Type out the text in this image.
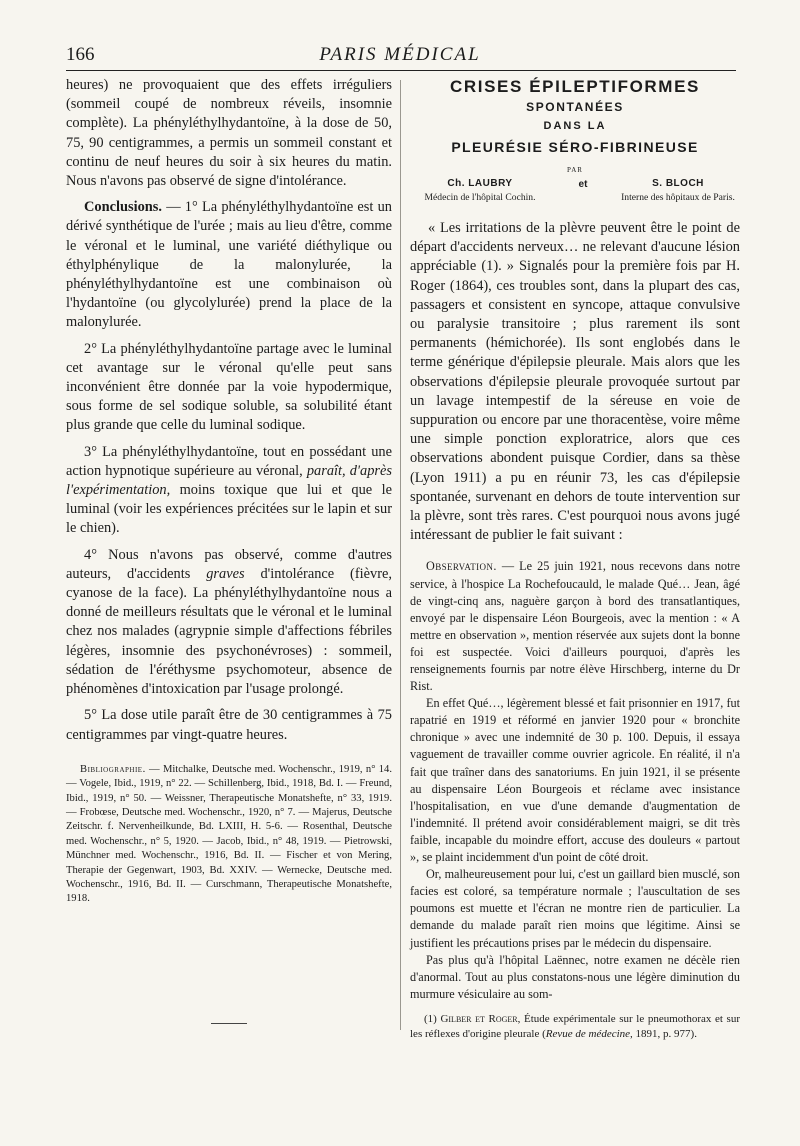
166	PARIS MÉDICAL

heures) ne provoquaient que des effets irréguliers (sommeil coupé de nombreux réveils, insomnie complète). La phényléthylhydantoïne, à la dose de 50, 75, 90 centigrammes, a permis un sommeil constant et continu de neuf heures du soir à six heures du matin. Nous n'avons pas observé de signe d'intolérance.

Conclusions. — 1° La phényléthylhydantoïne est un dérivé synthétique de l'urée ; mais au lieu d'être, comme le véronal et le luminal, une variété diéthylique ou éthylphénylique de la malonylurée, la phényléthylhydantoïne est une combinaison où l'hydantoïne (ou glycolylurée) prend la place de la malonylurée.

2° La phényléthylhydantoïne partage avec le luminal cet avantage sur le véronal qu'elle peut sans inconvénient être donnée par la voie hypodermique, sous forme de sel sodique soluble, sa solubilité étant plus grande que celle du luminal sodique.

3° La phényléthylhydantoïne, tout en possédant une action hypnotique supérieure au véronal, paraît, d'après l'expérimentation, moins toxique que lui et que le luminal (voir les expériences précitées sur le lapin et sur le chien).

4° Nous n'avons pas observé, comme d'autres auteurs, d'accidents graves d'intolérance (fièvre, cyanose de la face). La phényléthylhydantoïne nous a donné de meilleurs résultats que le véronal et le luminal chez nos malades (agrypnie simple d'affections fébriles légères, insomnie des psychonévroses) : sommeil, sédation de l'éréthysme psychomoteur, absence de phénomènes d'intoxication par l'usage prolongé.

5° La dose utile paraît être de 30 centigrammes à 75 centigrammes par vingt-quatre heures.

Bibliographie. — Mitchalke, Deutsche med. Wochenschr., 1919, n° 14. — Vogele, Ibid., 1919, n° 22. — Schillenberg, Ibid., 1918, Bd. I. — Freund, Ibid., 1919, n° 50. — Weissner, Therapeutische Monatshefte, n° 33, 1919. — Frobœse, Deutsche med. Wochenschr., 1920, n° 7. — Majerus, Deutsche Zeitschr. f. Nervenheilkunde, Bd. LXIII, H. 5-6. — Rosenthal, Deutsche med. Wochenschr., n° 5, 1920. — Jacob, Ibid., n° 48, 1919. — Pietrowski, Münchner med. Wochenschr., 1916, Bd. II. — Fischer et von Mering, Therapie der Gegenwart, 1903, Bd. XXIV. — Wernecke, Deutsche med. Wochenschr., 1916, Bd. II. — Curschmann, Therapeutische Monatshefte, 1918.

CRISES ÉPILEPTIFORMES
SPONTANÉES
DANS LA
PLEURÉSIE SÉRO-FIBRINEUSE
PAR
Ch. LAUBRY
Médecin de l'hôpital Cochin.
et	S. BLOCH
Interne des hôpitaux de Paris.

« Les irritations de la plèvre peuvent être le point de départ d'accidents nerveux… ne relevant d'aucune lésion appréciable (1). » Signalés pour la première fois par H. Roger (1864), ces troubles sont, dans la plupart des cas, passagers et consistent en syncope, attaque convulsive ou paralysie transitoire ; plus rarement ils sont permanents (hémichorée). Ils sont englobés dans le terme générique d'épilepsie pleurale. Mais alors que les observations d'épilepsie pleurale provoquée surtout par un lavage intempestif de la séreuse en voie de suppuration ou encore par une thoracentèse, voire même une simple ponction exploratrice, alors que ces observations abondent puisque Cordier, dans sa thèse (Lyon 1911) a pu en réunir 73, les cas d'épilepsie spontanée, survenant en dehors de toute intervention sur la plèvre, sont très rares. C'est pourquoi nous avons jugé intéressant de publier le fait suivant :

Observation. — Le 25 juin 1921, nous recevons dans notre service, à l'hospice La Rochefoucauld, le malade Qué… Jean, âgé de vingt-cinq ans, naguère garçon à bord des transatlantiques, envoyé par le dispensaire Léon Bourgeois, avec la mention : « A mettre en observation », mention réservée aux sujets dont la bonne foi est suspectée. Voici d'ailleurs pourquoi, d'après les renseignements fournis par notre élève Hirschberg, interne du Dr Rist.

En effet Qué…, légèrement blessé et fait prisonnier en 1917, fut rapatrié en 1919 et réformé en janvier 1920 pour « bronchite chronique » avec une indemnité de 30 p. 100. Depuis, il essaya vaguement de travailler comme ouvrier agricole. En réalité, il n'a fait que traîner dans des sanatoriums. En juin 1921, il se présente au dispensaire Léon Bourgeois et réclame avec insistance l'hospitalisation, en vue d'une demande d'augmentation de l'indemnité. Il prétend avoir considérablement maigri, se dit très faible, incapable du moindre effort, accuse des douleurs « partout », se plaint incidemment d'un point de côté droit.

Or, malheureusement pour lui, c'est un gaillard bien musclé, son facies est coloré, sa température normale ; l'auscultation de ses poumons est muette et l'écran ne montre rien de particulier. La demande du malade paraît rien moins que légitime. Ainsi se justifient les précautions prises par le médecin du dispensaire.

Pas plus qu'à l'hôpital Laënnec, notre examen ne décèle rien d'anormal. Tout au plus constatons-nous une légère diminution du murmure vésiculaire au som-

(1) Gilber et Roger, Étude expérimentale sur le pneumothorax et sur les réflexes d'origine pleurale (Revue de médecine, 1891, p. 977).
